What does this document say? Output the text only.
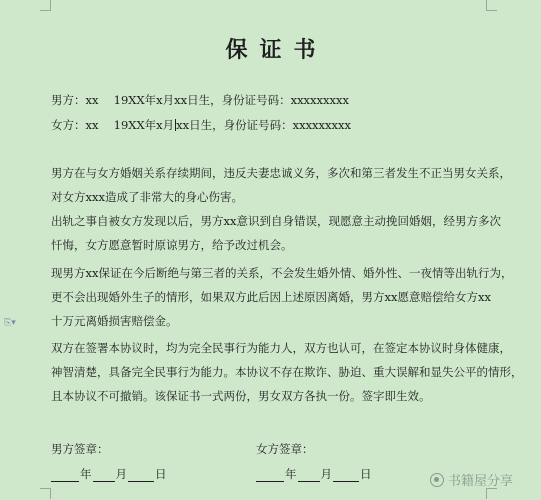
保证书
男方：xx　 19XX年x月xx日生，身份证号码：xxxxxxxxx
女方：xx　 19XX年x月 xx日生，身份证号码：xxxxxxxxx

男方在与女方婚姻关系存续期间，违反夫妻忠诚义务，多次和第三者发生不正当男女关系，

对女方xxx造成了非常大的身心伤害。

出轨之事自被女方发现以后，男方xx意识到自身错误，现愿意主动挽回婚姻，经男方多次

忏悔，女方愿意暂时原谅男方，给予改过机会。

现男方xx保证在今后断绝与第三者的关系，不会发生婚外情、婚外性、一夜情等出轨行为，

更不会出现婚外生子的情形，如果双方此后因上述原因离婚，男方xx愿意赔偿给女方xx

十万元离婚损害赔偿金。

⎘▾

双方在签署本协议时，均为完全民事行为能力人，双方也认可，在签定本协议时身体健康，

神智清楚，具备完全民事行为能力。本协议不存在欺诈、胁迫、重大误解和显失公平的情形，

且本协议不可撤销。该保证书一式两份，男女双方各执一份。签字即生效。

男方签章：	女方签章：
年 月 日	年 月 日	书籍屋分享
